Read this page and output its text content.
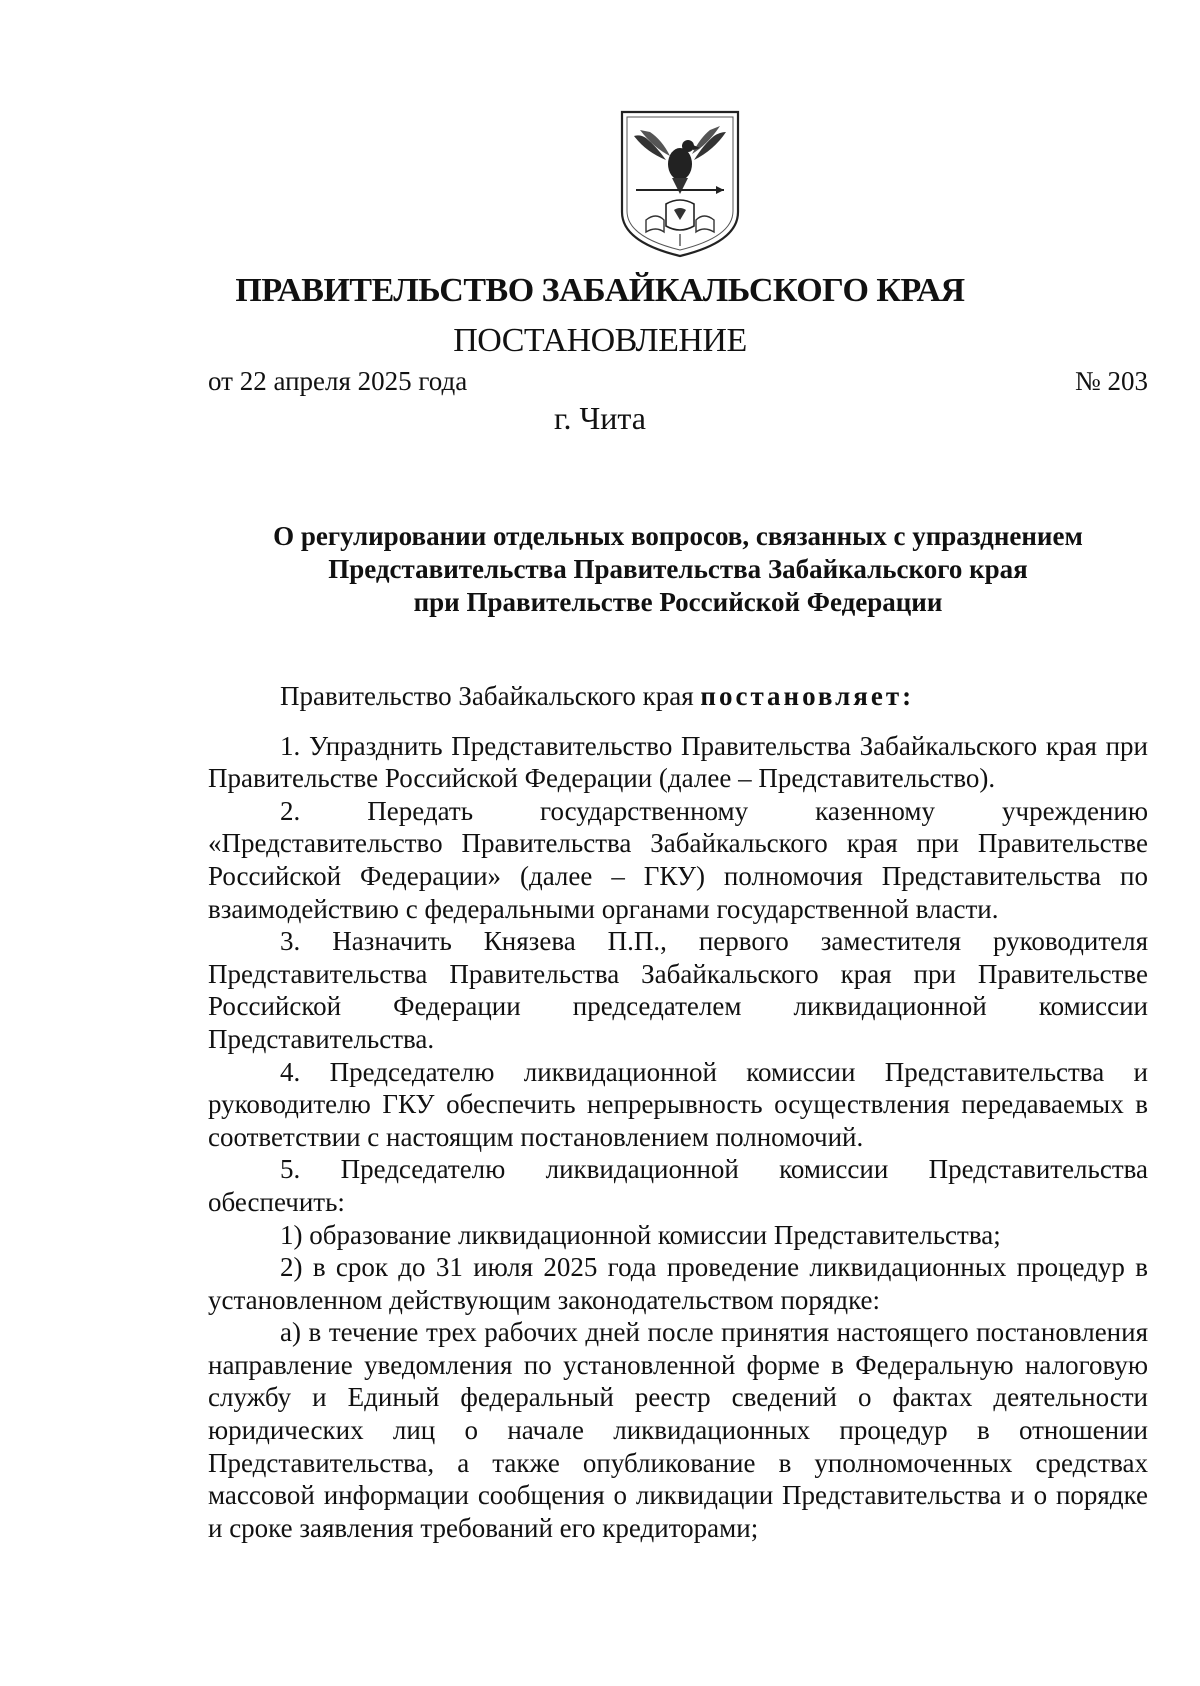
ПРАВИТЕЛЬСТВО ЗАБАЙКАЛЬСКОГО КРАЯ
ПОСТАНОВЛЕНИЕ
от 22 апреля 2025 года	№ 203
г. Чита
О регулировании отдельных вопросов, связанных с упразднением
Представительства Правительства Забайкальского края
при Правительстве Российской Федерации

Правительство Забайкальского края постановляет:

1. Упразднить Представительство Правительства Забайкальского края при Правительстве Российской Федерации (далее – Представительство).

2. Передать государственному казенному учреждению «Представительство Правительства Забайкальского края при Правительстве Российской Федерации» (далее – ГКУ) полномочия Представительства по взаимодействию с федеральными органами государственной власти.

3. Назначить Князева П.П., первого заместителя руководителя Представительства Правительства Забайкальского края при Правительстве Российской Федерации председателем ликвидационной комиссии Представительства.

4. Председателю ликвидационной комиссии Представительства и руководителю ГКУ обеспечить непрерывность осуществления передаваемых в соответствии с настоящим постановлением полномочий.

5. Председателю ликвидационной комиссии Представительства обеспечить:

1) образование ликвидационной комиссии Представительства;

2) в срок до 31 июля 2025 года проведение ликвидационных процедур в установленном действующим законодательством порядке:

а) в течение трех рабочих дней после принятия настоящего постановления направление уведомления по установленной форме в Федеральную налоговую службу и Единый федеральный реестр сведений о фактах деятельности юридических лиц о начале ликвидационных процедур в отношении Представительства, а также опубликование в уполномоченных средствах массовой информации сообщения о ликвидации Представительства и о порядке и сроке заявления требований его кредиторами;
